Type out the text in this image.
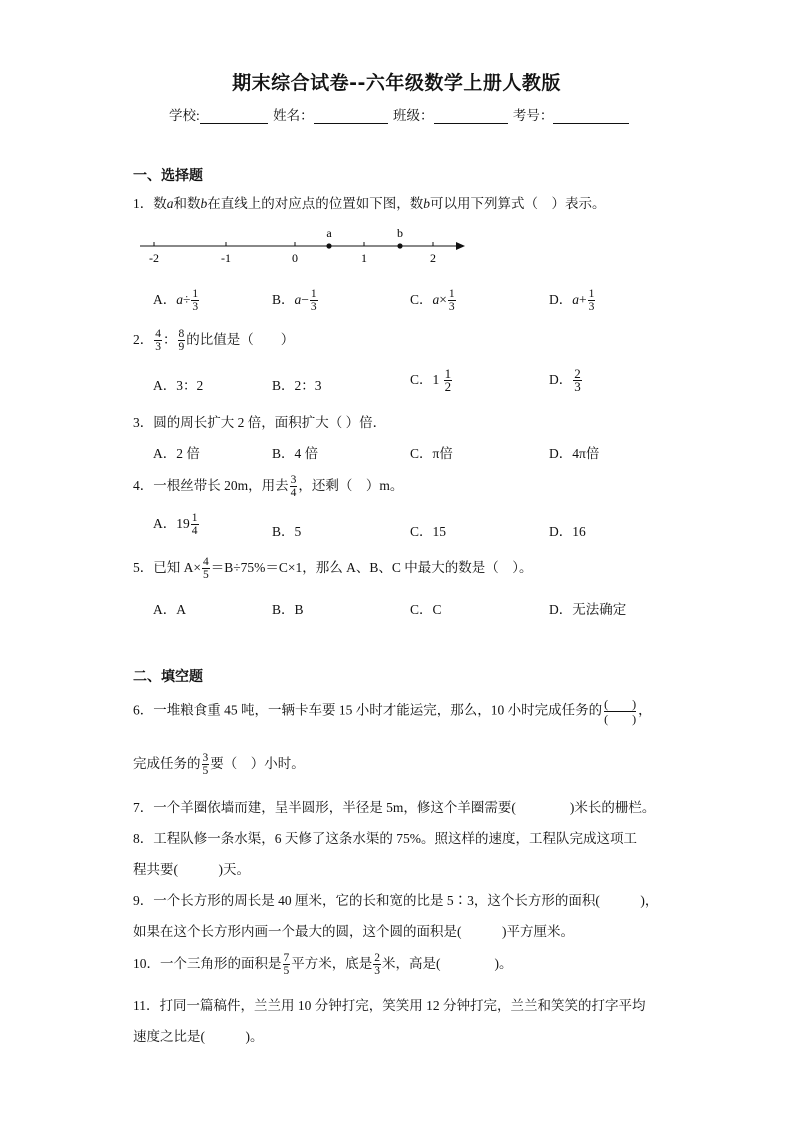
期末综合试卷--六年级数学上册人教版
学校:	姓名：	班级：	考号：
一、选择题
1．数a和数b在直线上的对应点的位置如下图，数b可以用下列算式（　）表示。
a	b
-2	-1	0	1	2
A．$a\div \frac{1}{3}$	B．$a- \frac{1}{3}$	C．$a\times \frac{1}{3}$	D．$a+ \frac{1}{3}$
2． $\frac{4}{3}$ ： $\frac{8}{9}$ 的比值是（　　）
A．3：2	B．2：3	C．$1 \frac{1}{2}$	D． $\frac{2}{3}$
3．圆的周长扩大 2 倍，面积扩大（ ）倍．
A．2 倍	B．4 倍	C．π倍	D．4π倍
4．一根丝带长 20m，用去 $\frac{3}{4}$ ，还剩（　）m。
A．$19 \frac{1}{4}$	B．5	C．15	D．16
5．已知 $A\times \frac{4}{5} =B\div 75\%=C\times 1$，那么 A、B、C 中最大的数是（　）。
A．A	B．B	C．C	D．无法确定
二、填空题
6．一堆粮食重 45 吨，一辆卡车要 15 小时才能运完，那么，10 小时完成任务的 $\frac{( )}{( )}$ ，
完成任务的 $\frac{3}{5}$ 要（　）小时。
7．一个羊圈依墙而建，呈半圆形，半径是 5m，修这个羊圈需要(　　　　)米长的栅栏。
8．工程队修一条水渠，6 天修了这条水渠的 75%。照这样的速度，工程队完成这项工
程共要(　　　)天。
9．一个长方形的周长是 40 厘米，它的长和宽的比是 5∶3，这个长方形的面积(　　　)，
如果在这个长方形内画一个最大的圆，这个圆的面积是(　　　)平方厘米。
10．一个三角形的面积是 $\frac{7}{5}$ 平方米，底是 $\frac{2}{3}$ 米，高是(　　　　)。
11．打同一篇稿件，兰兰用 10 分钟打完，笑笑用 12 分钟打完，兰兰和笑笑的打字平均
速度之比是(　　　)。
